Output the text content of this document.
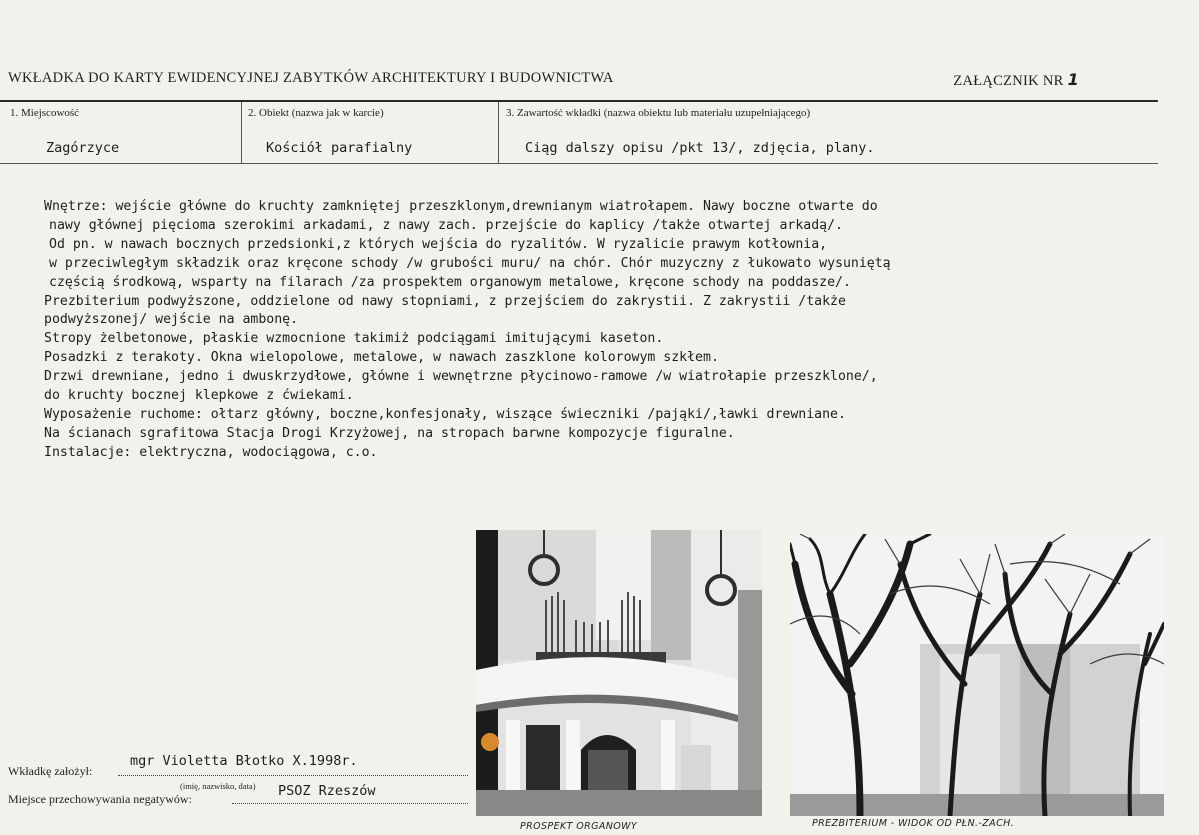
WKŁADKA DO KARTY EWIDENCYJNEJ ZABYTKÓW ARCHITEKTURY I BUDOWNICTWA	ZAŁĄCZNIK NR 1
1. Miejscowość	2. Obiekt (nazwa jak w karcie)	3. Zawartość wkładki (nazwa obiektu lub materiału uzupełniającego)
Zagórzyce	Kościół parafialny	Ciąg dalszy opisu /pkt 13/, zdjęcia, plany.
Wnętrze: wejście główne do kruchty zamkniętej przeszklonym,drewnianym wiatrołapem. Nawy boczne otwarte do
nawy głównej pięcioma szerokimi arkadami, z nawy zach. przejście do kaplicy /także otwartej arkadą/.
Od pn. w nawach bocznych przedsionki,z których wejścia do ryzalitów. W ryzalicie prawym kotłownia,
w przeciwległym składzik oraz kręcone schody /w grubości muru/ na chór. Chór muzyczny z łukowato wysuniętą
częścią środkową, wsparty na filarach /za prospektem organowym metalowe, kręcone schody na poddasze/.
Prezbiterium podwyższone, oddzielone od nawy stopniami, z przejściem do zakrystii. Z zakrystii /także
podwyższonej/ wejście na ambonę.
Stropy żelbetonowe, płaskie wzmocnione takimiż podciągami imitującymi kaseton.
Posadzki z terakoty. Okna wielopolowe, metalowe, w nawach zaszklone kolorowym szkłem.
Drzwi drewniane, jedno i dwuskrzydłowe, główne i wewnętrzne płycinowo-ramowe /w wiatrołapie przeszklone/,
do kruchty bocznej klepkowe z ćwiekami.
Wyposażenie ruchome: ołtarz główny, boczne,konfesjonały, wiszące świeczniki /pająki/,ławki drewniane.
Na ścianach sgrafitowa Stacja Drogi Krzyżowej, na stropach barwne kompozycje figuralne.
Instalacje: elektryczna, wodociągowa, c.o.
PROSPEKT ORGANOWY	PREZBITERIUM - WIDOK OD PŁN.-ZACH.
Wkładkę założył:
mgr Violetta Błotko X.1998r.
(imię, nazwisko, data)
Miejsce przechowywania negatywów:	PSOZ Rzeszów
